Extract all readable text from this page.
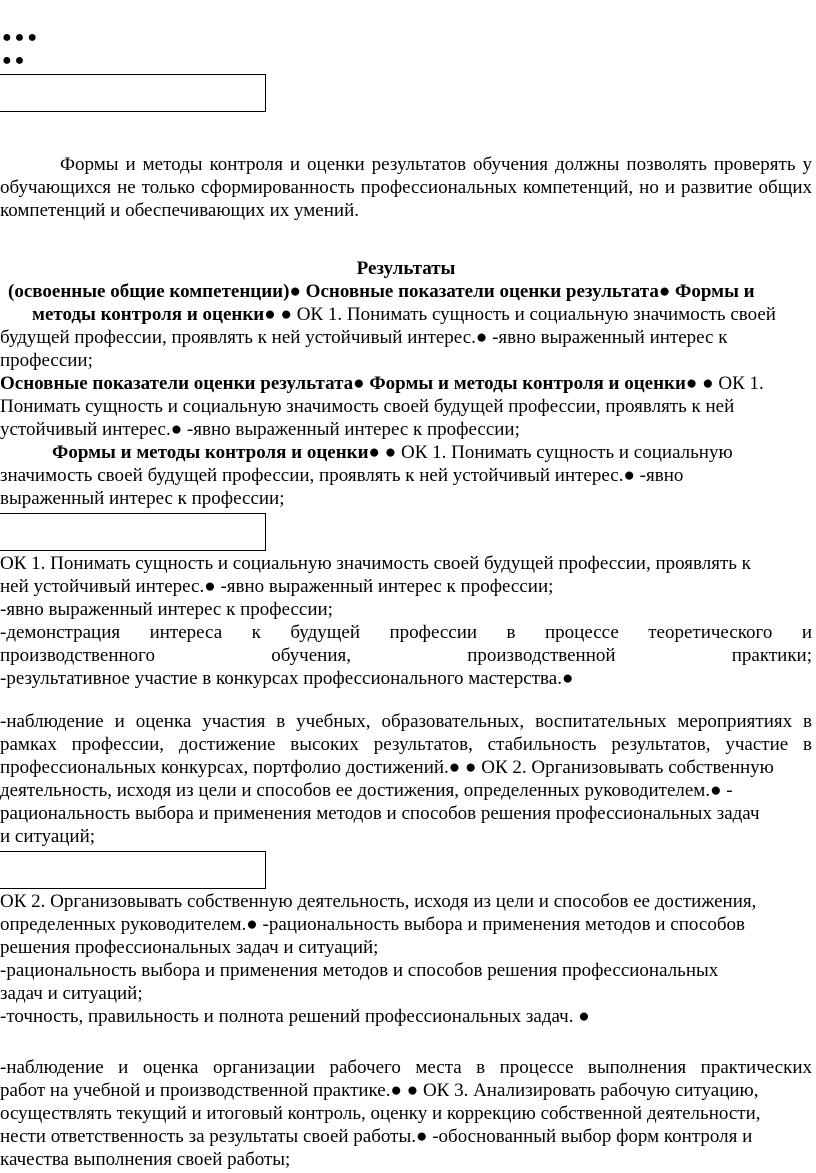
●●●
●●

Формы и методы контроля и оценки результатов обучения должны позволять проверять у обучающихся не только сформированность профессиональных компетенций, но и развитие общих компетенций и обеспечивающих их умений.

Результаты
(освоенные общие компетенции)● Основные показатели оценки результата● Формы и
методы контроля и оценки● ● ОК 1. Понимать сущность и социальную значимость своей
будущей профессии, проявлять к ней устойчивый интерес.● -явно выраженный интерес к
профессии;
Основные показатели оценки результата● Формы и методы контроля и оценки● ● ОК 1.
Понимать сущность и социальную значимость своей будущей профессии, проявлять к ней
устойчивый интерес.● -явно выраженный интерес к профессии;
Формы и методы контроля и оценки● ● ОК 1. Понимать сущность и социальную
значимость своей будущей профессии, проявлять к ней устойчивый интерес.● -явно
выраженный интерес к профессии;
ОК 1. Понимать сущность и социальную значимость своей будущей профессии, проявлять к
ней устойчивый интерес.● -явно выраженный интерес к профессии;
-явно выраженный интерес к профессии;
-демонстрация интереса к будущей профессии в процессе теоретического и
производственного обучения, производственной практики;
-результативное участие в конкурсах профессионального мастерства.●
-наблюдение и оценка участия в учебных, образовательных, воспитательных мероприятиях в
рамках профессии, достижение высоких результатов, стабильность результатов, участие в
профессиональных конкурсах, портфолио достижений.● ● ОК 2. Организовывать собственную
деятельность, исходя из цели и способов ее достижения, определенных руководителем.● -
рациональность выбора и применения методов и способов решения профессиональных задач
и ситуаций;
ОК 2. Организовывать собственную деятельность, исходя из цели и способов ее достижения,
определенных руководителем.● -рациональность выбора и применения методов и способов
решения профессиональных задач и ситуаций;
-рациональность выбора и применения методов и способов решения профессиональных
задач и ситуаций;
-точность, правильность и полнота решений профессиональных задач. ●
-наблюдение и оценка организации рабочего места в процессе выполнения практических
работ на учебной и производственной практике.● ● ОК 3. Анализировать рабочую ситуацию,
осуществлять текущий и итоговый контроль, оценку и коррекцию собственной деятельности,
нести ответственность за результаты своей работы.● -обоснованный выбор форм контроля и
качества выполнения своей работы;
